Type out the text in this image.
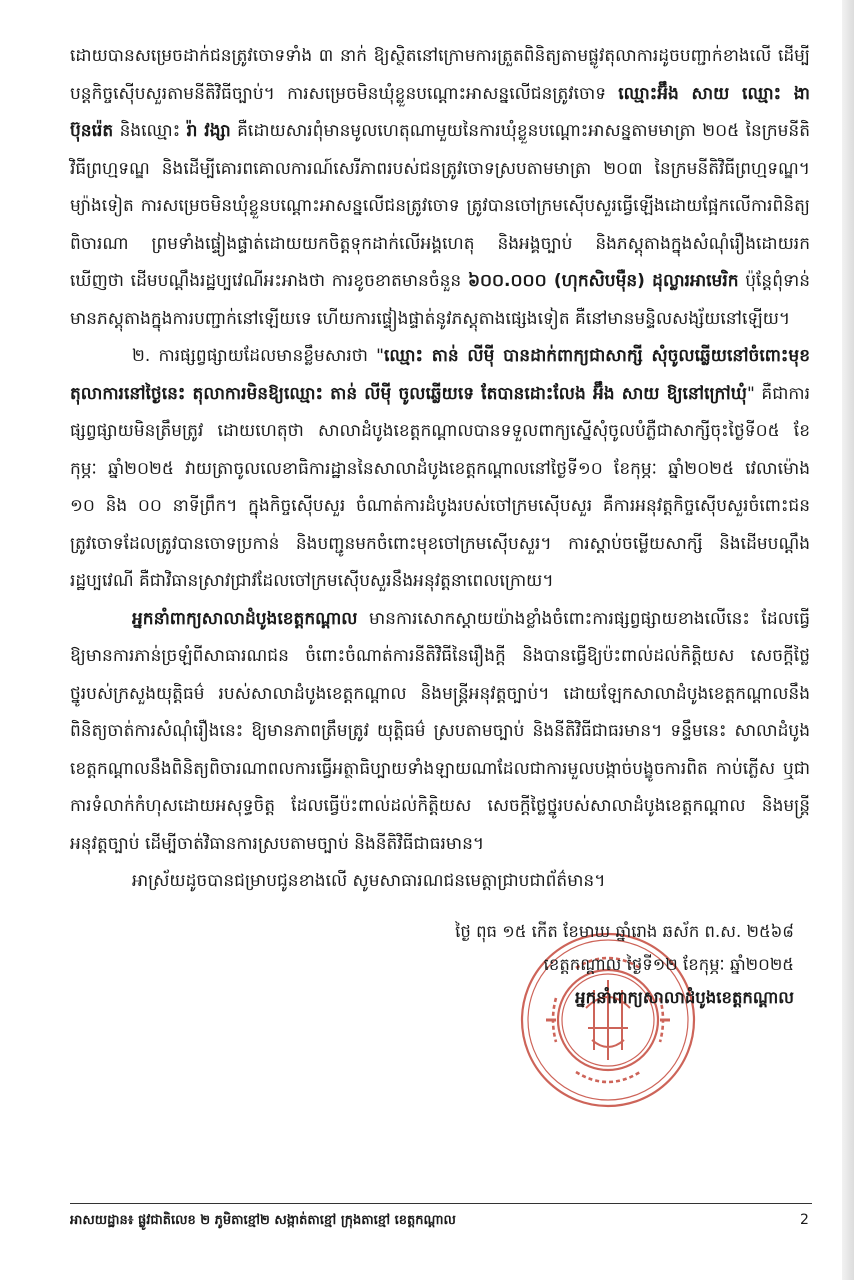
ដោយបានសម្រេចដាក់ជនត្រូវចោទទាំង ៣ នាក់ ឱ្យស្ថិតនៅក្រោមការត្រួតពិនិត្យតាមផ្លូវតុលាការដូចបញ្ជាក់ខាងលើ ដើម្បីបន្តកិច្ចស៊ើបសួរតាមនីតិវិធីច្បាប់។ ការសម្រេចមិនឃុំខ្លួនបណ្តោះអាសន្នលើជនត្រូវចោទ ឈ្មោះអ៊ឹង សាយ ឈ្មោះ ងា ប៊ុនរ៉េត និងឈ្មោះ រ៉ា វង្សា គឺដោយសារពុំមានមូលហេតុណាមួយនៃការឃុំខ្លួនបណ្តោះអាសន្នតាមមាត្រា ២០៥ នៃក្រមនីតិវិធីព្រហ្មទណ្ឌ និងដើម្បីគោរពគោលការណ៍សេរីភាពរបស់ជនត្រូវចោទស្របតាមមាត្រា ២០៣ នៃក្រមនីតិវិធីព្រហ្មទណ្ឌ។ ម្យ៉ាងទៀត ការសម្រេចមិនឃុំខ្លួនបណ្តោះអាសន្នលើជនត្រូវចោទ ត្រូវបានចៅក្រមស៊ើបសួរធ្វើឡើងដោយផ្អែកលើការពិនិត្យពិចារណា ព្រមទាំងផ្ទៀងផ្ទាត់ដោយយកចិត្តទុកដាក់លើអង្គហេតុ និងអង្គច្បាប់ និងភស្តុតាងក្នុងសំណុំរឿងដោយរកឃើញថា ដើមបណ្តឹងរដ្ឋប្បវេណីអះអាងថា ការខូចខាតមានចំនួន ៦០០.០០០ (ហុកសិបម៉ឺន) ដុល្លារអាមេរិក ប៉ុន្តែពុំទាន់មានភស្តុតាងក្នុងការបញ្ជាក់នៅឡើយទេ ហើយការផ្ទៀងផ្ទាត់នូវភស្តុតាងផ្សេងទៀត គឺនៅមានមន្ទិលសង្ស័យនៅឡើយ។

២. ការផ្សព្វផ្សាយដែលមានខ្លឹមសារថា "ឈ្មោះ តាន់ លីមុី បានដាក់ពាក្យជាសាក្សី សុំចូលឆ្លើយនៅចំពោះមុខតុលាការនៅថ្ងៃនេះ តុលាការមិនឱ្យឈ្មោះ តាន់ លីមុី ចូលឆ្លើយទេ តែបានដោះលែង អ៊ឹង សាយ ឱ្យនៅក្រៅឃុំ" គឺជាការផ្សព្វផ្សាយមិនត្រឹមត្រូវ ដោយហេតុថា សាលាដំបូងខេត្តកណ្តាលបានទទួលពាក្យស្នើសុំចូលបំភ្លឺជាសាក្សីចុះថ្ងៃទី០៥ ខែកុម្ភៈ ឆ្នាំ២០២៥ វាយត្រាចូលលេខាធិការដ្ឋាននៃសាលាដំបូងខេត្តកណ្តាលនៅថ្ងៃទី១០ ខែកុម្ភៈ ឆ្នាំ២០២៥ វេលាម៉ោង ១០ និង ០០ នាទីព្រឹក។ ក្នុងកិច្ចស៊ើបសួរ ចំណាត់ការដំបូងរបស់ចៅក្រមស៊ើបសួរ គឺការអនុវត្តកិច្ចស៊ើបសួរចំពោះជនត្រូវចោទដែលត្រូវបានចោទប្រកាន់ និងបញ្ជូនមកចំពោះមុខចៅក្រមស៊ើបសួរ។ ការស្តាប់ចម្លើយសាក្សី និងដើមបណ្តឹងរដ្ឋប្បវេណី គឺជាវិធានស្រាវជ្រាវដែលចៅក្រមស៊ើបសួរនឹងអនុវត្តនាពេលក្រោយ។

អ្នកនាំពាក្យសាលាដំបូងខេត្តកណ្តាល មានការសោកស្តាយយ៉ាងខ្លាំងចំពោះការផ្សព្វផ្សាយខាងលើនេះ ដែលធ្វើឱ្យមានការភាន់ច្រឡំពីសាធារណជន ចំពោះចំណាត់ការនីតិវិធីនៃរឿងក្តី និងបានធ្វើឱ្យប៉ះពាល់ដល់កិត្តិយស សេចក្តីថ្លៃថ្នូរបស់ក្រសួងយុត្តិធម៌ របស់សាលាដំបូងខេត្តកណ្តាល និងមន្ត្រីអនុវត្តច្បាប់។ ដោយឡែកសាលាដំបូងខេត្តកណ្តាលនឹងពិនិត្យចាត់ការសំណុំរឿងនេះ ឱ្យមានភាពត្រឹមត្រូវ យុត្តិធម៌ ស្របតាមច្បាប់ និងនីតិវិធីជាធរមាន។ ទន្ទឹមនេះ សាលាដំបូងខេត្តកណ្តាលនឹងពិនិត្យពិចារណាពលការធ្វើអត្ថាធិប្បាយទាំងឡាយណាដែលជាការមួលបង្កាច់បង្ខូចការពិត កាប់ភ្លើស ឬជាការទំលាក់កំហុសដោយអសុទ្ធចិត្ត ដែលធ្វើប៉ះពាល់ដល់កិត្តិយស សេចក្តីថ្លៃថ្នូរបស់សាលាដំបូងខេត្តកណ្តាល និងមន្ត្រីអនុវត្តច្បាប់ ដើម្បីចាត់វិធានការស្របតាមច្បាប់ និងនីតិវិធីជាធរមាន។

អាស្រ័យដូចបានជម្រាបជូនខាងលើ សូមសាធារណជនមេត្តាជ្រាបជាព័ត៌មាន។

ថ្ងៃ ពុធ ១៥ កើត ខែមាឃ ឆ្នាំរោង ឆស័ក ព.ស. ២៥៦៨
ខេត្តកណ្តាល ថ្ងៃទី១២ ខែកុម្ភៈ ឆ្នាំ២០២៥
អ្នកនាំពាក្យសាលាដំបូងខេត្តកណ្តាល
អាសយដ្ឋាន៖ ផ្លូវជាតិលេខ ២ ភូមិតាខ្មៅ២ សង្កាត់តាខ្មៅ ក្រុងតាខ្មៅ ខេត្តកណ្តាល	2
